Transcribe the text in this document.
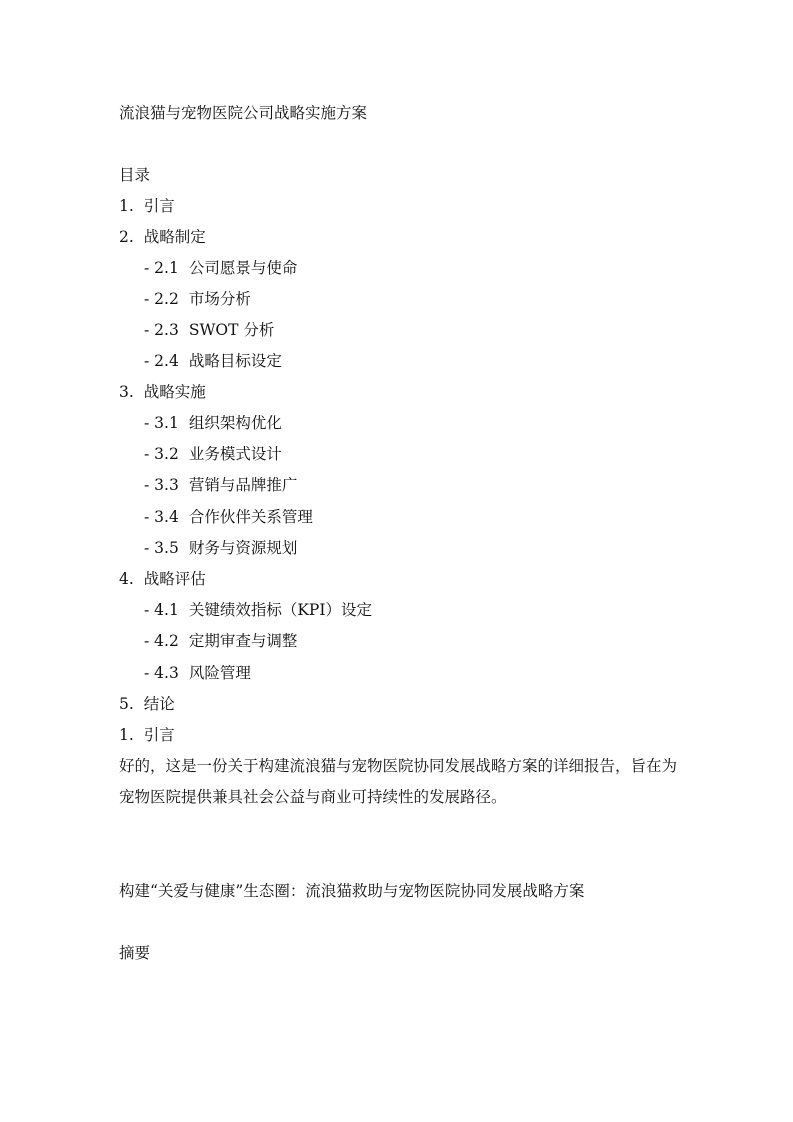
流浪猫与宠物医院公司战略实施方案
目录
1. 引言
2. 战略制定
- 2.1 公司愿景与使命
- 2.2 市场分析
- 2.3 SWOT 分析
- 2.4 战略目标设定
3. 战略实施
- 3.1 组织架构优化
- 3.2 业务模式设计
- 3.3 营销与品牌推广
- 3.4 合作伙伴关系管理
- 3.5 财务与资源规划
4. 战略评估
- 4.1 关键绩效指标（KPI）设定
- 4.2 定期审查与调整
- 4.3 风险管理
5. 结论
1. 引言
好的，这是一份关于构建流浪猫与宠物医院协同发展战略方案的详细报告，旨在为宠物医院提供兼具社会公益与商业可持续性的发展路径。
构建“关爱与健康”生态圈：流浪猫救助与宠物医院协同发展战略方案
摘要
